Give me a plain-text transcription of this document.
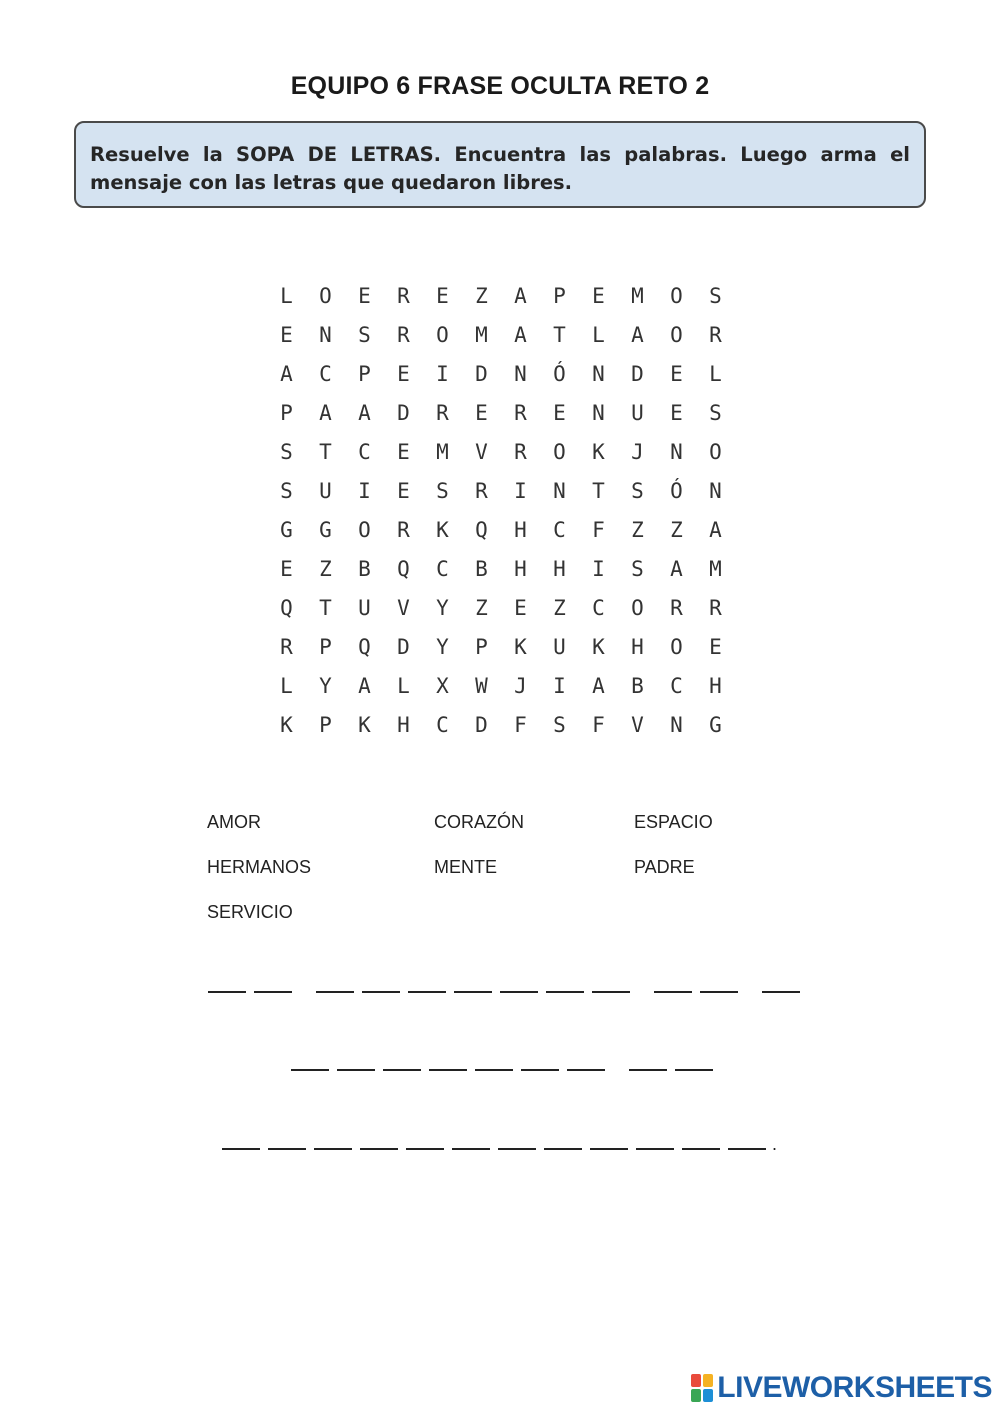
EQUIPO 6 FRASE OCULTA RETO 2
Resuelve la SOPA DE LETRAS. Encuentra las palabras. Luego arma el mensaje con las letras que quedaron libres.
L	O	E	R	E	Z	A	P	E	M	O	S
E	N	S	R	O	M	A	T	L	A	O	R
A	C	P	E	I	D	N	Ó	N	D	E	L
P	A	A	D	R	E	R	E	N	U	E	S
S	T	C	E	M	V	R	O	K	J	N	O
S	U	I	E	S	R	I	N	T	S	Ó	N
G	G	O	R	K	Q	H	C	F	Z	Z	A
E	Z	B	Q	C	B	H	H	I	S	A	M
Q	T	U	V	Y	Z	E	Z	C	O	R	R
R	P	Q	D	Y	P	K	U	K	H	O	E
L	Y	A	L	X	W	J	I	A	B	C	H
K	P	K	H	C	D	F	S	F	V	N	G
AMOR	CORAZÓN	ESPACIO
HERMANOS	MENTE	PADRE
SERVICIO
.
LIVEWORKSHEETS
